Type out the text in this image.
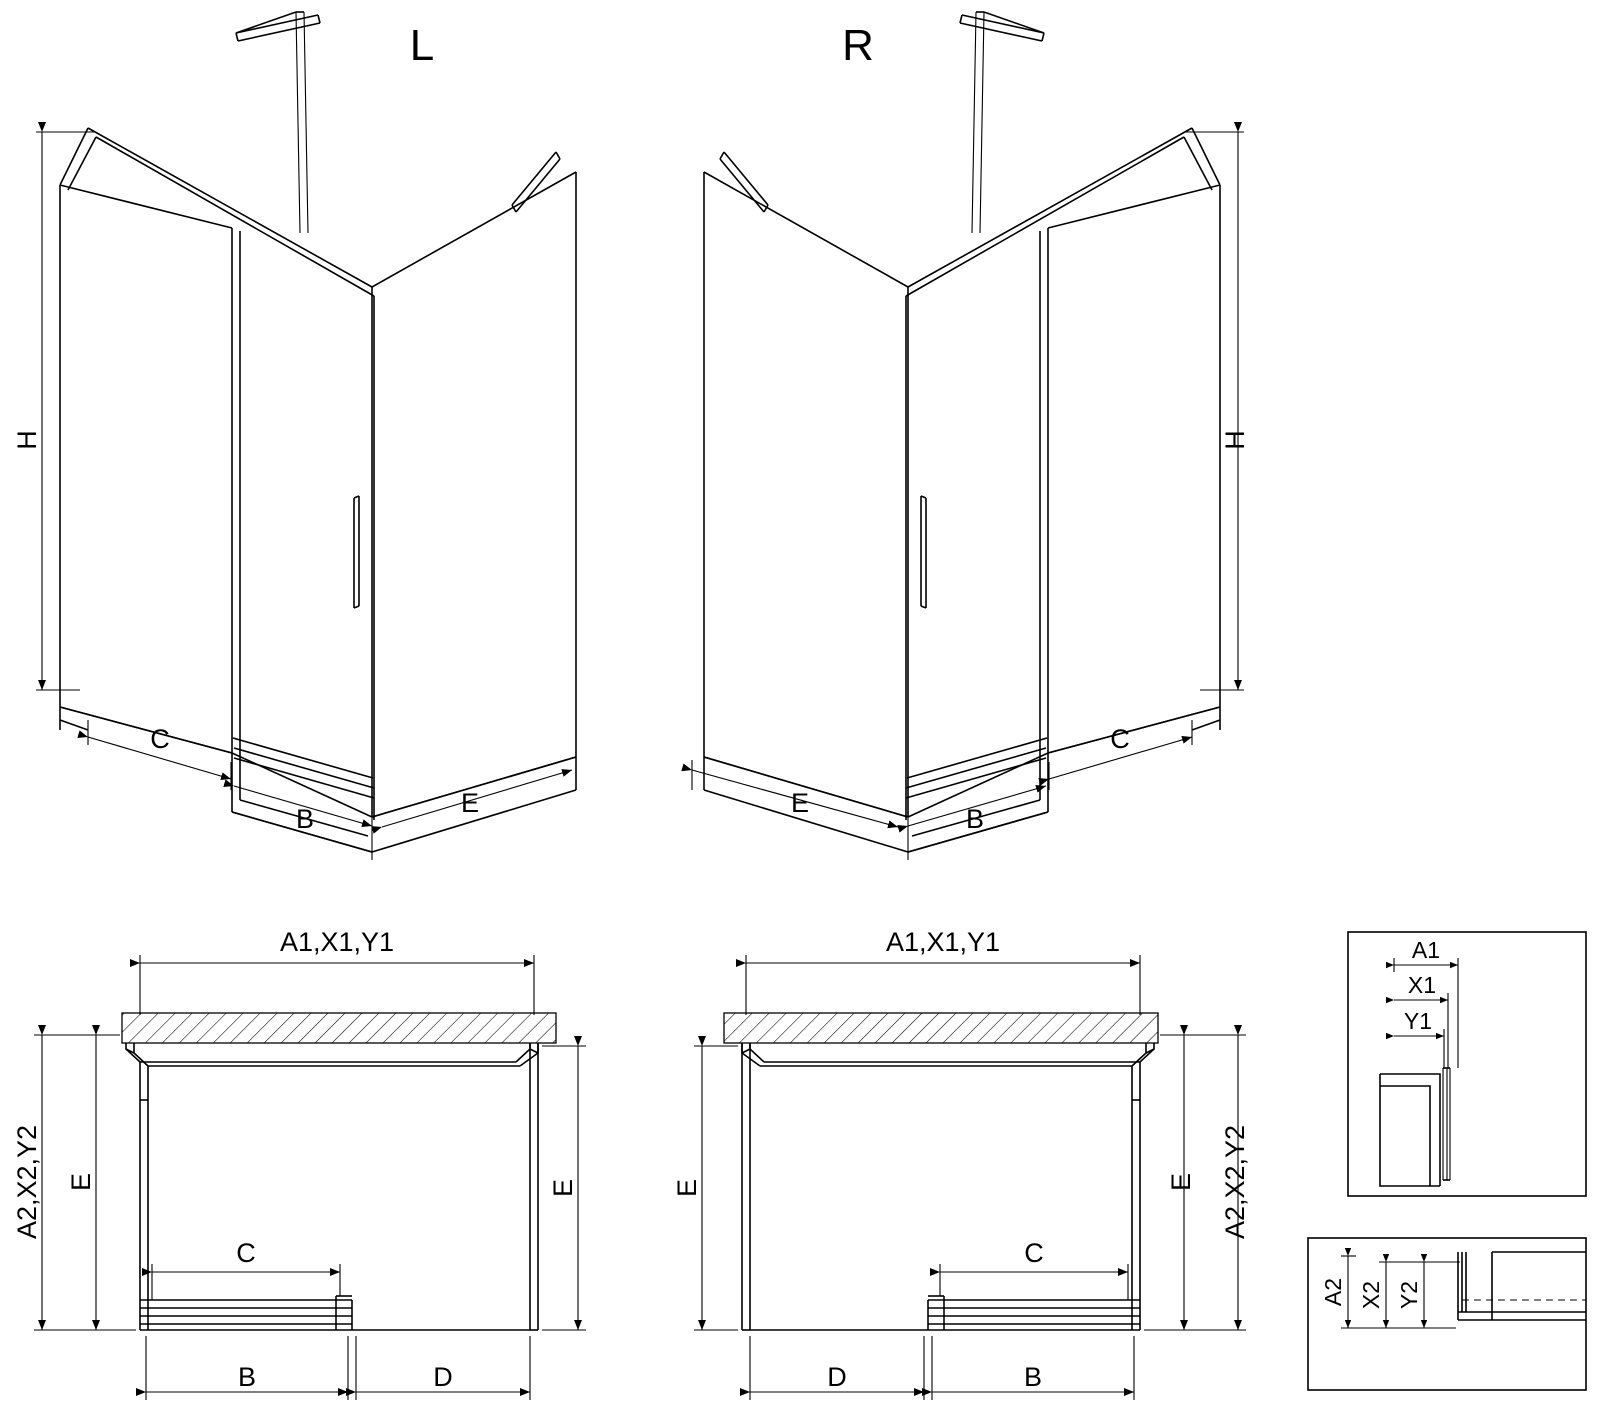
H
C
B
E
L
H
E
B
C
R
A1,X1,Y1
A2,X2,Y2 E	E
C
B	D
A1,X1,Y1
A2,X2,Y2
E	E
C
D	B
A1
X1
Y1
A2 X2 Y2
